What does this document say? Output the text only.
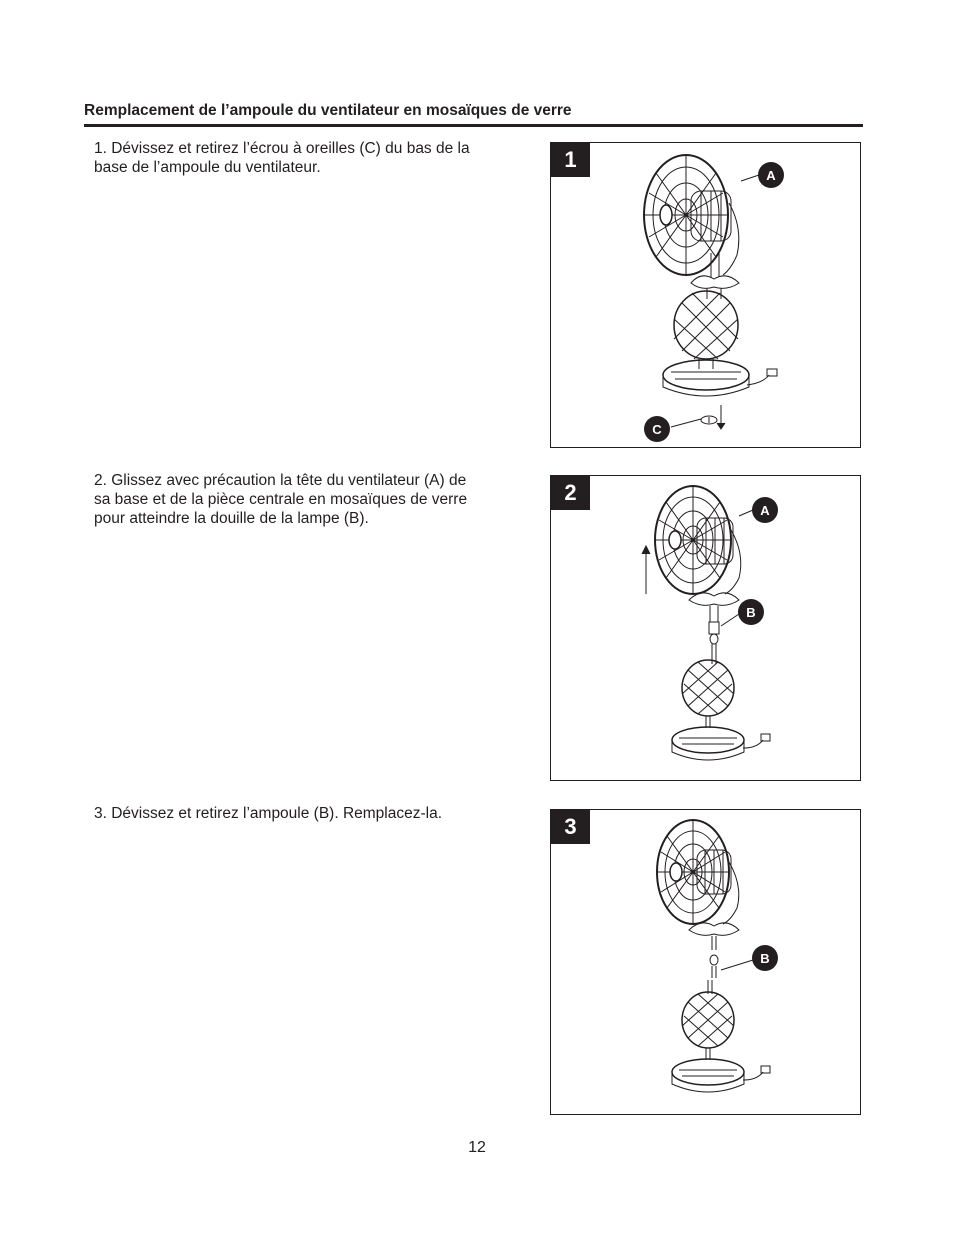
Remplacement de l’ampoule du ventilateur en mosaïques de verre

1. Dévissez et retirez l’écrou à oreilles (C) du bas de la
base de l’ampoule du ventilateur.	A
C
1

2. Glissez avec précaution la tête du ventilateur (A) de
sa base et de la pièce centrale en mosaïques de verre
pour atteindre la douille de la lampe (B).	A
B
2

3. Dévissez et retirez l’ampoule (B). Remplacez-la.

B
3
12
